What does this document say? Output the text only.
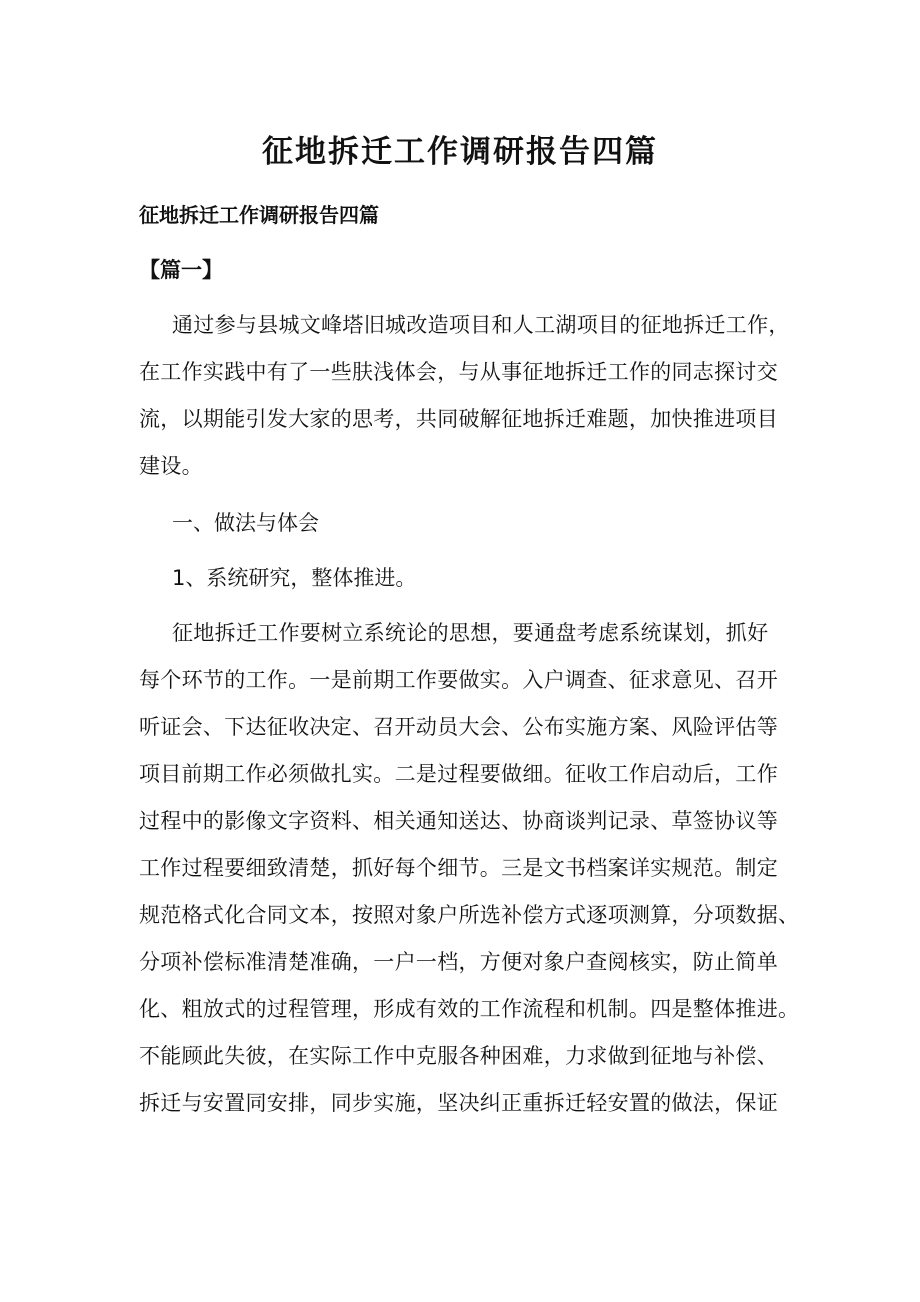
征地拆迁工作调研报告四篇

征地拆迁工作调研报告四篇

【篇一】

通过参与县城文峰塔旧城改造项目和人工湖项目的征地拆迁工作，
在工作实践中有了一些肤浅体会，与从事征地拆迁工作的同志探讨交
流，以期能引发大家的思考，共同破解征地拆迁难题，加快推进项目
建设。

一、做法与体会

1、系统研究，整体推进。

征地拆迁工作要树立系统论的思想，要通盘考虑系统谋划，抓好
每个环节的工作。一是前期工作要做实。入户调查、征求意见、召开
听证会、下达征收决定、召开动员大会、公布实施方案、风险评估等
项目前期工作必须做扎实。二是过程要做细。征收工作启动后，工作
过程中的影像文字资料、相关通知送达、协商谈判记录、草签协议等
工作过程要细致清楚，抓好每个细节。三是文书档案详实规范。制定
规范格式化合同文本，按照对象户所选补偿方式逐项测算，分项数据、
分项补偿标准清楚准确，一户一档，方便对象户查阅核实，防止简单
化、粗放式的过程管理，形成有效的工作流程和机制。四是整体推进。
不能顾此失彼，在实际工作中克服各种困难，力求做到征地与补偿、
拆迁与安置同安排，同步实施，坚决纠正重拆迁轻安置的做法，保证
